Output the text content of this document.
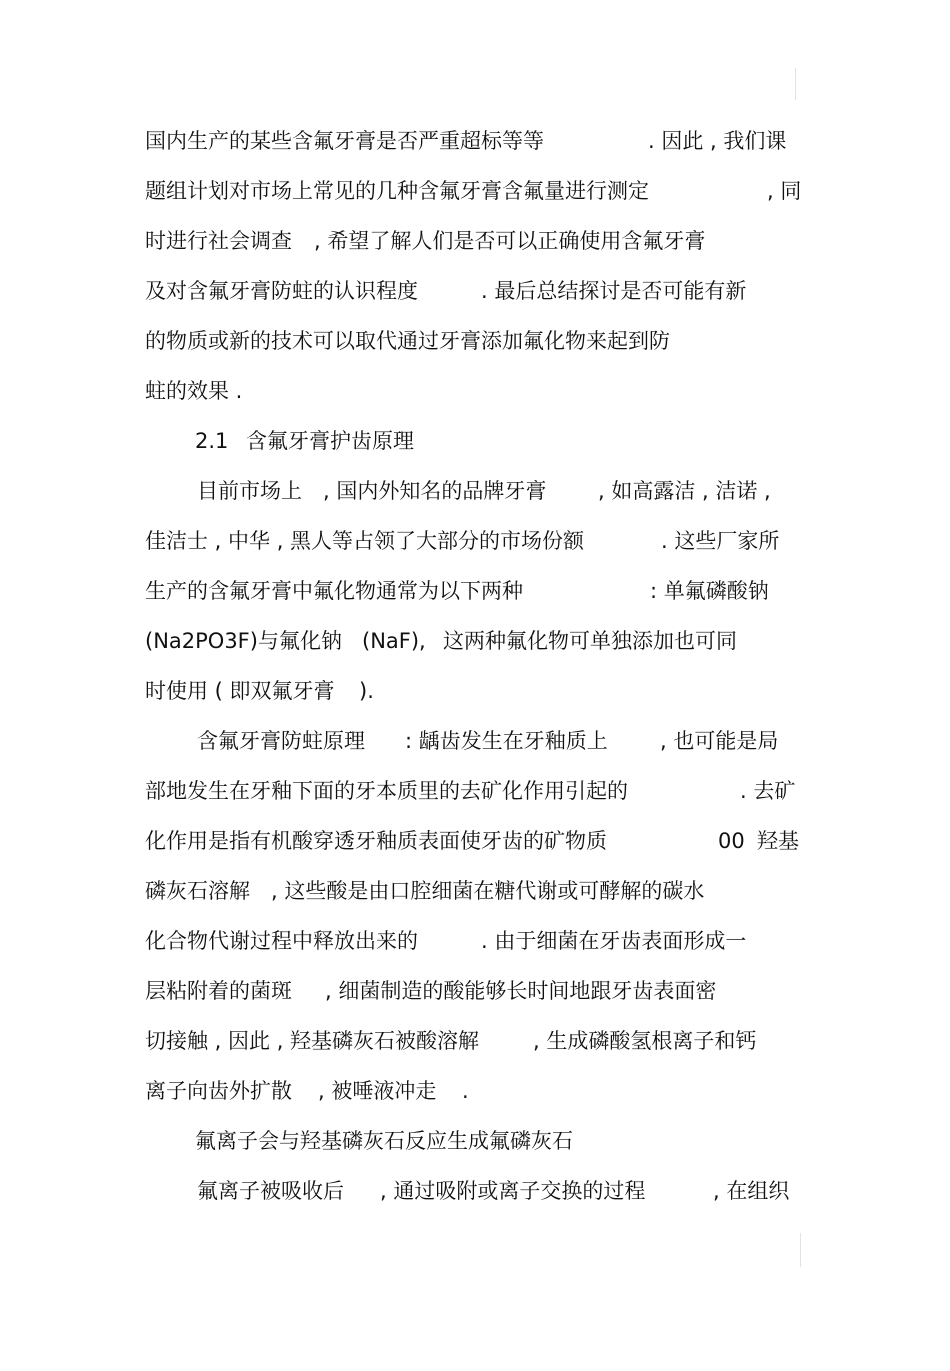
国内生产的某些含氟牙膏是否严重超标等等

	. 因此 , 我们课

题组计划对市场上常见的几种含氟牙膏含氟量进行测定

	, 同

时进行社会调查

, 希望了解人们是否可以正确使用含氟牙膏

及对含氟牙膏防蛀的认识程度

	. 最后总结探讨是否可能有新

的物质或新的技术可以取代通过牙膏添加氟化物来起到防

蛀的效果 .

2.1

含氟牙膏护齿原理

目前市场上

, 国内外知名的品牌牙膏

, 如高露洁 , 洁诺 ,

佳洁士 , 中华 , 黑人等占领了大部分的市场份额

	. 这些厂家所

生产的含氟牙膏中氟化物通常为以下两种

	: 单氟磷酸钠

(Na2PO3F)与氟化钠

(NaF),

这两种氟化物可单独添加也可同

时使用 ( 即双氟牙膏

).

含氟牙膏防蛀原理

: 龋齿发生在牙釉质上

, 也可能是局

部地发生在牙釉下面的牙本质里的去矿化作用引起的

	. 去矿

化作用是指有机酸穿透牙釉质表面使牙齿的矿物质

	00

羟基

磷灰石溶解

, 这些酸是由口腔细菌在糖代谢或可酵解的碳水

化合物代谢过程中释放出来的

	. 由于细菌在牙齿表面形成一

层粘附着的菌斑

, 细菌制造的酸能够长时间地跟牙齿表面密

切接触 , 因此 , 羟基磷灰石被酸溶解

	, 生成磷酸氢根离子和钙

离子向齿外扩散

, 被唾液冲走

.

氟离子会与羟基磷灰石反应生成氟磷灰石

氟离子被吸收后

, 通过吸附或离子交换的过程

	, 在组织
